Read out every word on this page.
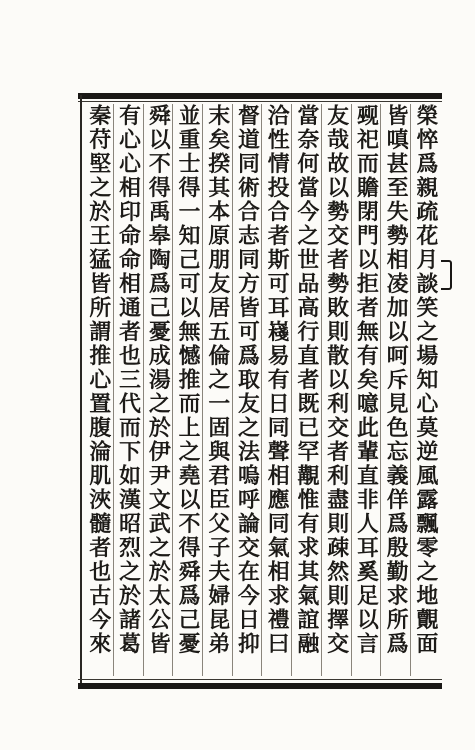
榮悴爲親疏花月談笑之場知心莫逆風露飄零之地覿面
皆嗔甚至失勢相凌加以呵斥見色忘義佯爲殷勤求所爲
觋祀而贍閉門以拒者無有矣噫此輩直非人耳奚足以言
友哉故以勢交者勢敗則散以利交者利盡則疎然則擇交
當奈何當今之世品高行直者既已罕覯惟有求其氣誼融
洽性情投合者斯可耳嶘易有日同聲相應同氣相求禮曰
督道同術合志同方皆可爲取友之法嗚呼論交在今日抑
末矣揆其本原朋友居五倫之一固與君臣父子夫婦昆弟
並重士得一知己可以無憾推而上之堯以不得舜爲己憂
舜以不得禹皋陶爲己憂成湯之於伊尹文武之於太公皆
有心心相印命命相通者也三代而下如漢昭烈之於諸葛
秦苻堅之於王猛皆所謂推心置腹淪肌浹髓者也古今來
